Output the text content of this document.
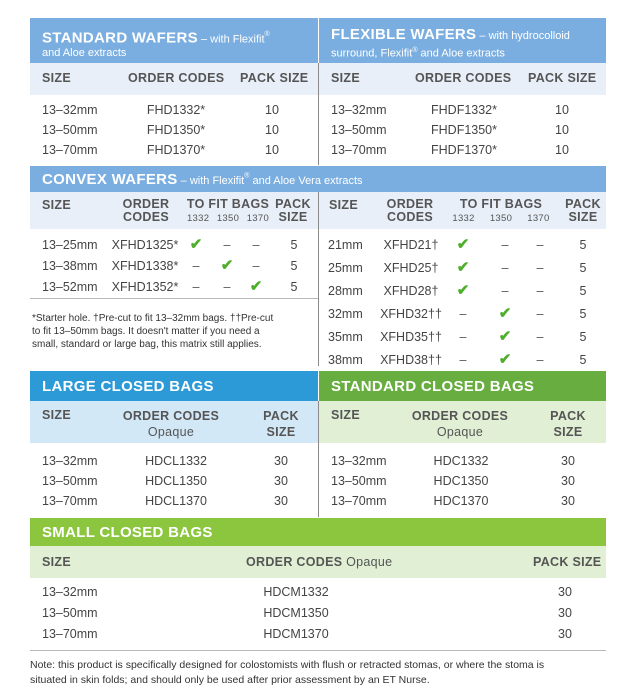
STANDARD WAFERS – with Flexifit®
and Aloe extracts
SIZE	ORDER CODES PACK SIZE
13–32mm	FHD1332*	10
13–50mm	FHD1350*	10
13–70mm	FHD1370*	10
FLEXIBLE WAFERS – with hydrocolloid
surround, Flexifit® and Aloe extracts
SIZE	ORDER CODES PACK SIZE
13–32mm	FHDF1332*	10
13–50mm	FHDF1350*	10
13–70mm	FHDF1370*	10
CONVEX WAFERS – with Flexifit® and Aloe Vera extracts
SIZE	ORDER
CODES
TO FIT BAGS
1332 1350 1370
PACK
SIZE
SIZE	ORDER
CODES
TO FIT BAGS
1332 1350 1370
PACK
SIZE
13–25mm XFHD1325* ✔	–	–	5
13–38mm XFHD1338*	–	✔	–	5
13–52mm XFHD1352*	–	–	✔	5
21mm	XFHD21†	✔	–	–	5
25mm	XFHD25†	✔	–	–	5
28mm	XFHD28†	✔	–	–	5
32mm	XFHD32††	–	✔	–	5
35mm	XFHD35††	–	✔	–	5
38mm	XFHD38††	–	✔	–	5
*Starter hole. †Pre-cut to fit 13–32mm bags. ††Pre-cut
to fit 13–50mm bags. It doesn't matter if you need a
small, standard or large bag, this matrix still applies.
LARGE CLOSED BAGS
SIZE	ORDER CODES
Opaque
PACK
SIZE
13–32mm	HDCL1332	30
13–50mm	HDCL1350	30
13–70mm	HDCL1370	30
STANDARD CLOSED BAGS
SIZE	ORDER CODES
Opaque
PACK
SIZE
13–32mm	HDC1332	30
13–50mm	HDC1350	30
13–70mm	HDC1370	30
SMALL CLOSED BAGS
SIZE	ORDER CODES Opaque	PACK SIZE
13–32mm	HDCM1332	30
13–50mm	HDCM1350	30
13–70mm	HDCM1370	30
Note: this product is specifically designed for colostomists with flush or retracted stomas, or where the stoma is
situated in skin folds; and should only be used after prior assessment by an ET Nurse.
